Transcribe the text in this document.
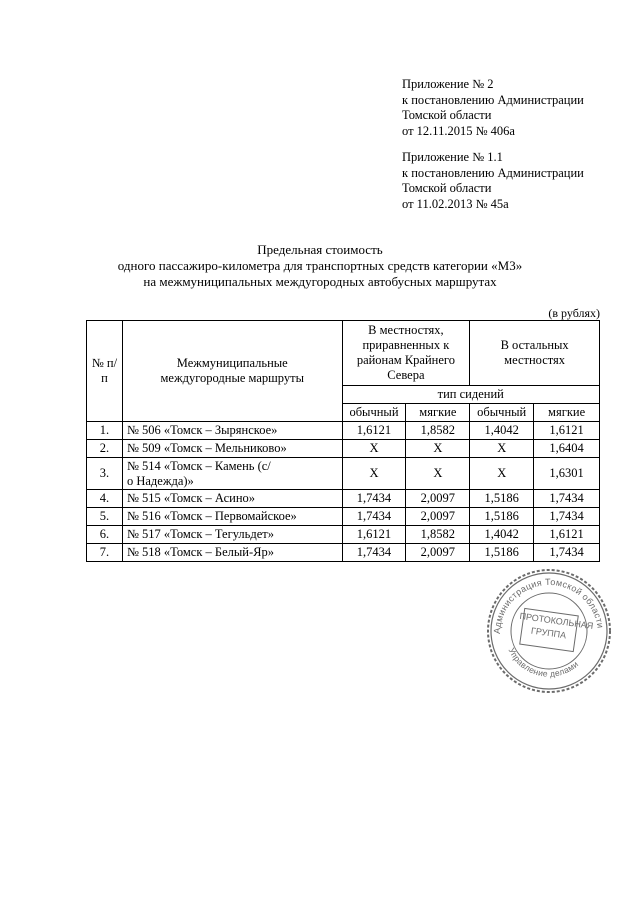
Приложение № 2
к постановлению Администрации
Томской области
от 12.11.2015 № 406а
Приложение № 1.1
к постановлению Администрации
Томской области
от 11.02.2013 № 45а
Предельная стоимость
одного пассажиро-километра для транспортных средств категории «М3»
на межмуниципальных междугородных автобусных маршрутах
(в рублях)
№ п/п	Межмуниципальные междугородные маршруты	В местностях, приравненных к районам Крайнего Севера		В остальных местностях	
		тип сидений			
		обычный	мягкие	обычный	мягкие
1.	№ 506 «Томск – Зырянское»	1,6121	1,8582	1,4042	1,6121
2.	№ 509 «Томск – Мельниково»	X	X	X	1,6404
3.	№ 514 «Томск – Камень (с/о Надежда)»	X	X	X	1,6301
4.	№ 515 «Томск – Асино»	1,7434	2,0097	1,5186	1,7434
5.	№ 516 «Томск – Первомайское»	1,7434	2,0097	1,5186	1,7434
6.	№ 517 «Томск – Тегульдет»	1,6121	1,8582	1,4042	1,6121
7.	№ 518 «Томск – Белый-Яр»	1,7434	2,0097	1,5186	1,7434
Администрация Томской области
Управление делами
ПРОТОКОЛЬНАЯ ГРУППА
